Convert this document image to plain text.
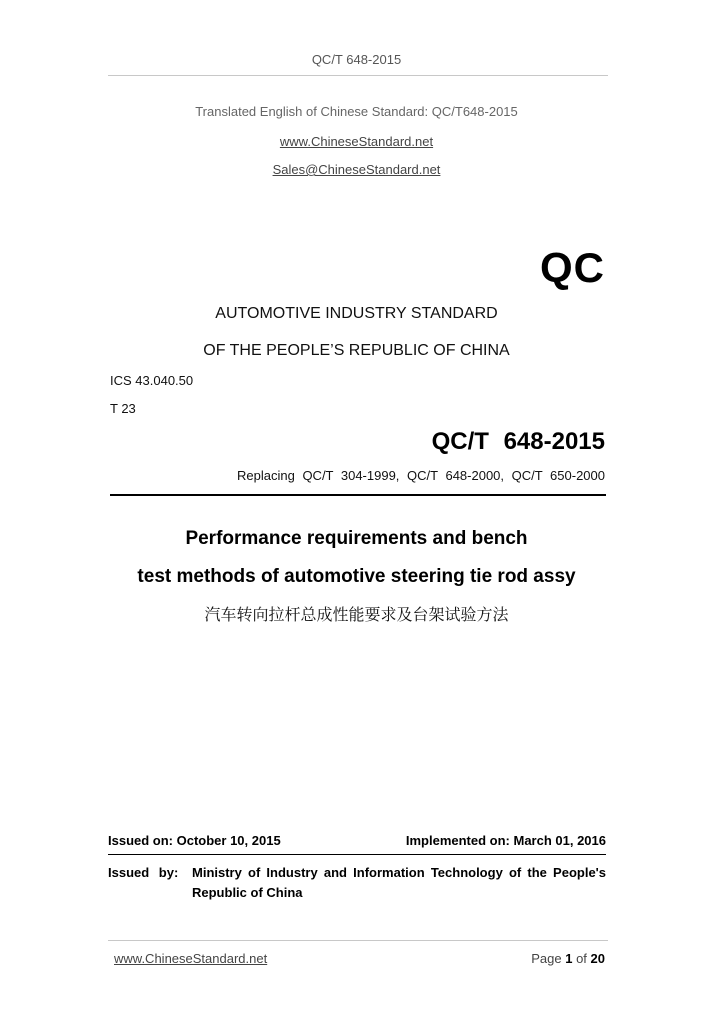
QC/T 648-2015
Translated English of Chinese Standard: QC/T648-2015
www.ChineseStandard.net
Sales@ChineseStandard.net
QC
AUTOMOTIVE INDUSTRY STANDARD
OF THE PEOPLE’S REPUBLIC OF CHINA
ICS 43.040.50
T 23
QC/T 648-2015
Replacing QC/T 304-1999, QC/T 648-2000, QC/T 650-2000
Performance requirements and bench
test methods of automotive steering tie rod assy
汽车转向拉杆总成性能要求及台架试验方法
Issued on: October 10, 2015	Implemented on: March 01, 2016
Issued by:	Ministry of Industry and Information Technology of the People's Republic of China
www.ChineseStandard.net	Page 1 of 20
